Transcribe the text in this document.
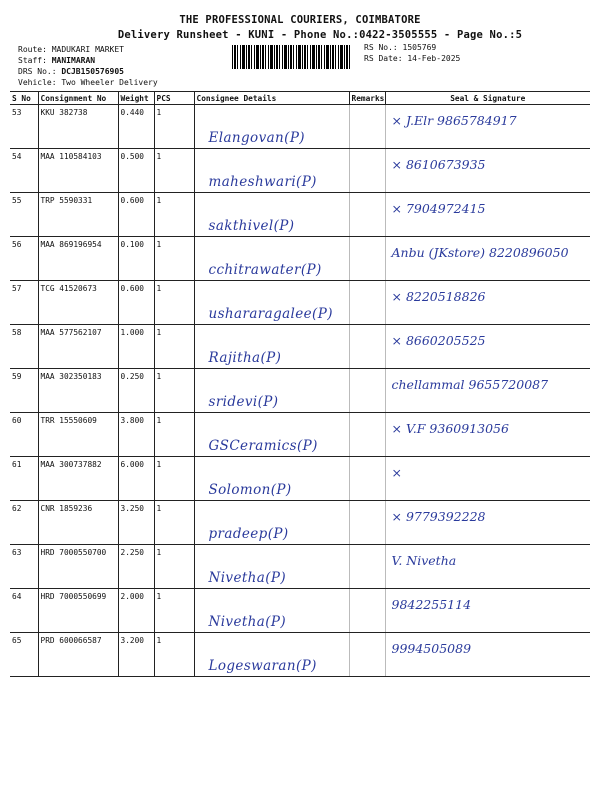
THE PROFESSIONAL COURIERS, COIMBATORE
Delivery Runsheet - KUNI - Phone No.:0422-3505555 - Page No.:5
Route: MADUKARI MARKET
Staff: MANIMARAN
DRS No.: DCJB150576905
Vehicle: Two Wheeler Delivery
RS No.: 1505769
RS Date: 14-Feb-2025
S No	Consignment No	Weight	PCS	Consignee Details	Remarks	Seal & Signature
53	KKU 382738	0.440	1	Elangovan(P)		× J.Elr 9865784917

54	MAA 110584103	0.500	1	maheshwari(P)		× 8610673935

55	TRP 5590331	0.600	1	sakthivel(P)		× 7904972415

56	MAA 869196954	0.100	1	cchitrawater(P)		Anbu (JKstore) 8220896050

57	TCG 41520673	0.600	1	ushararagalee(P)		× 8220518826

58	MAA 577562107	1.000	1	Rajitha(P)		× 8660205525

59	MAA 302350183	0.250	1	sridevi(P)		chellammal 9655720087

60	TRR 15550609	3.800	1	GSCeramics(P)		× V.F 9360913056

61	MAA 300737882	6.000	1	Solomon(P)		×

62	CNR 1859236	3.250	1	pradeep(P)		× 9779392228

63	HRD 7000550700	2.250	1	Nivetha(P)		V. Nivetha

64	HRD 7000550699	2.000	1	Nivetha(P)		9842255114

65	PRD 600066587	3.200	1	Logeswaran(P)		9994505089
